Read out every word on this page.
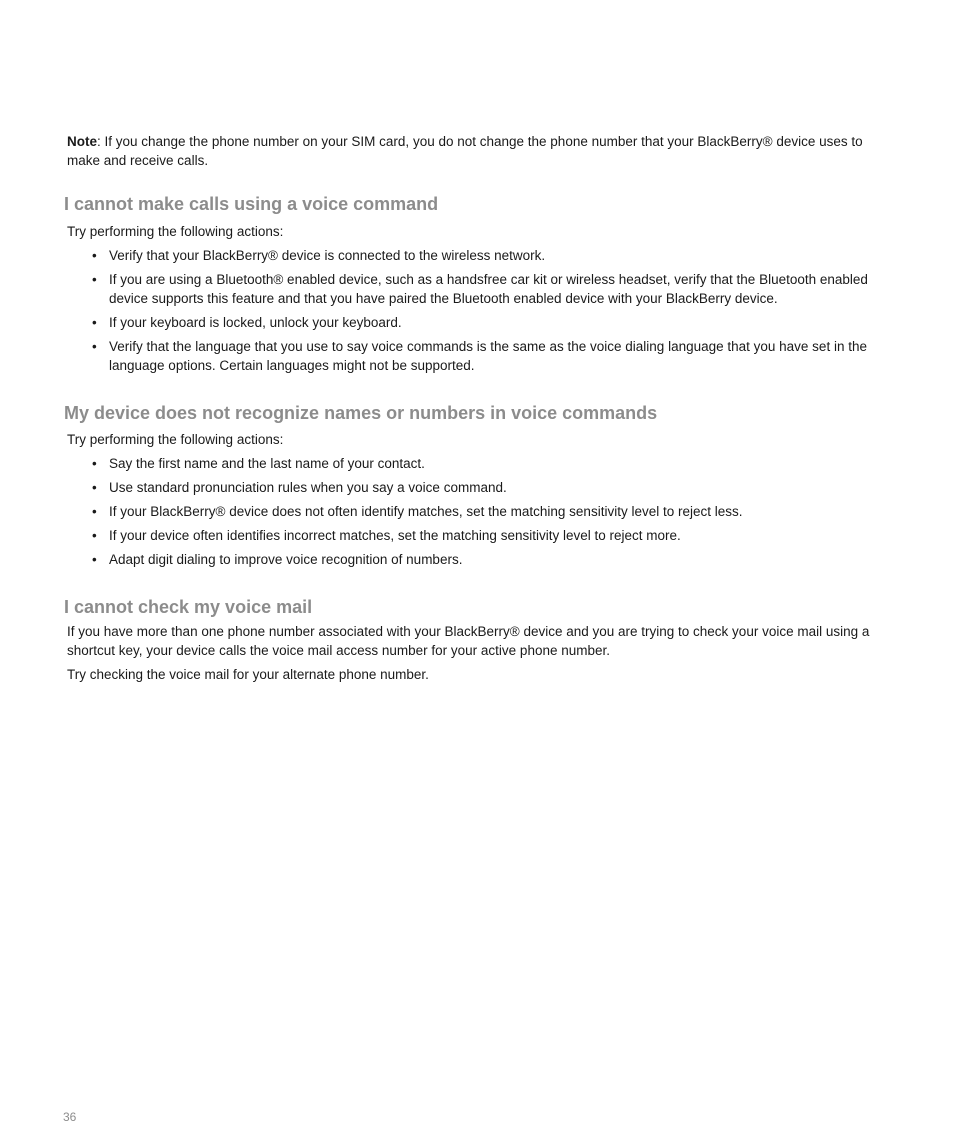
Note: If you change the phone number on your SIM card, you do not change the phone number that your BlackBerry® device uses to make and receive calls.

I cannot make calls using a voice command

Try performing the following actions:

• Verify that your BlackBerry® device is connected to the wireless network.
• If you are using a Bluetooth® enabled device, such as a handsfree car kit or wireless headset, verify that the Bluetooth enabled device supports this feature and that you have paired the Bluetooth enabled device with your BlackBerry device.
• If your keyboard is locked, unlock your keyboard.
• Verify that the language that you use to say voice commands is the same as the voice dialing language that you have set in the language options. Certain languages might not be supported.
My device does not recognize names or numbers in voice commands

Try performing the following actions:

• Say the first name and the last name of your contact.
• Use standard pronunciation rules when you say a voice command.
• If your BlackBerry® device does not often identify matches, set the matching sensitivity level to reject less.
• If your device often identifies incorrect matches, set the matching sensitivity level to reject more.
• Adapt digit dialing to improve voice recognition of numbers.
I cannot check my voice mail

If you have more than one phone number associated with your BlackBerry® device and you are trying to check your voice mail using a shortcut key, your device calls the voice mail access number for your active phone number.

Try checking the voice mail for your alternate phone number.

36
